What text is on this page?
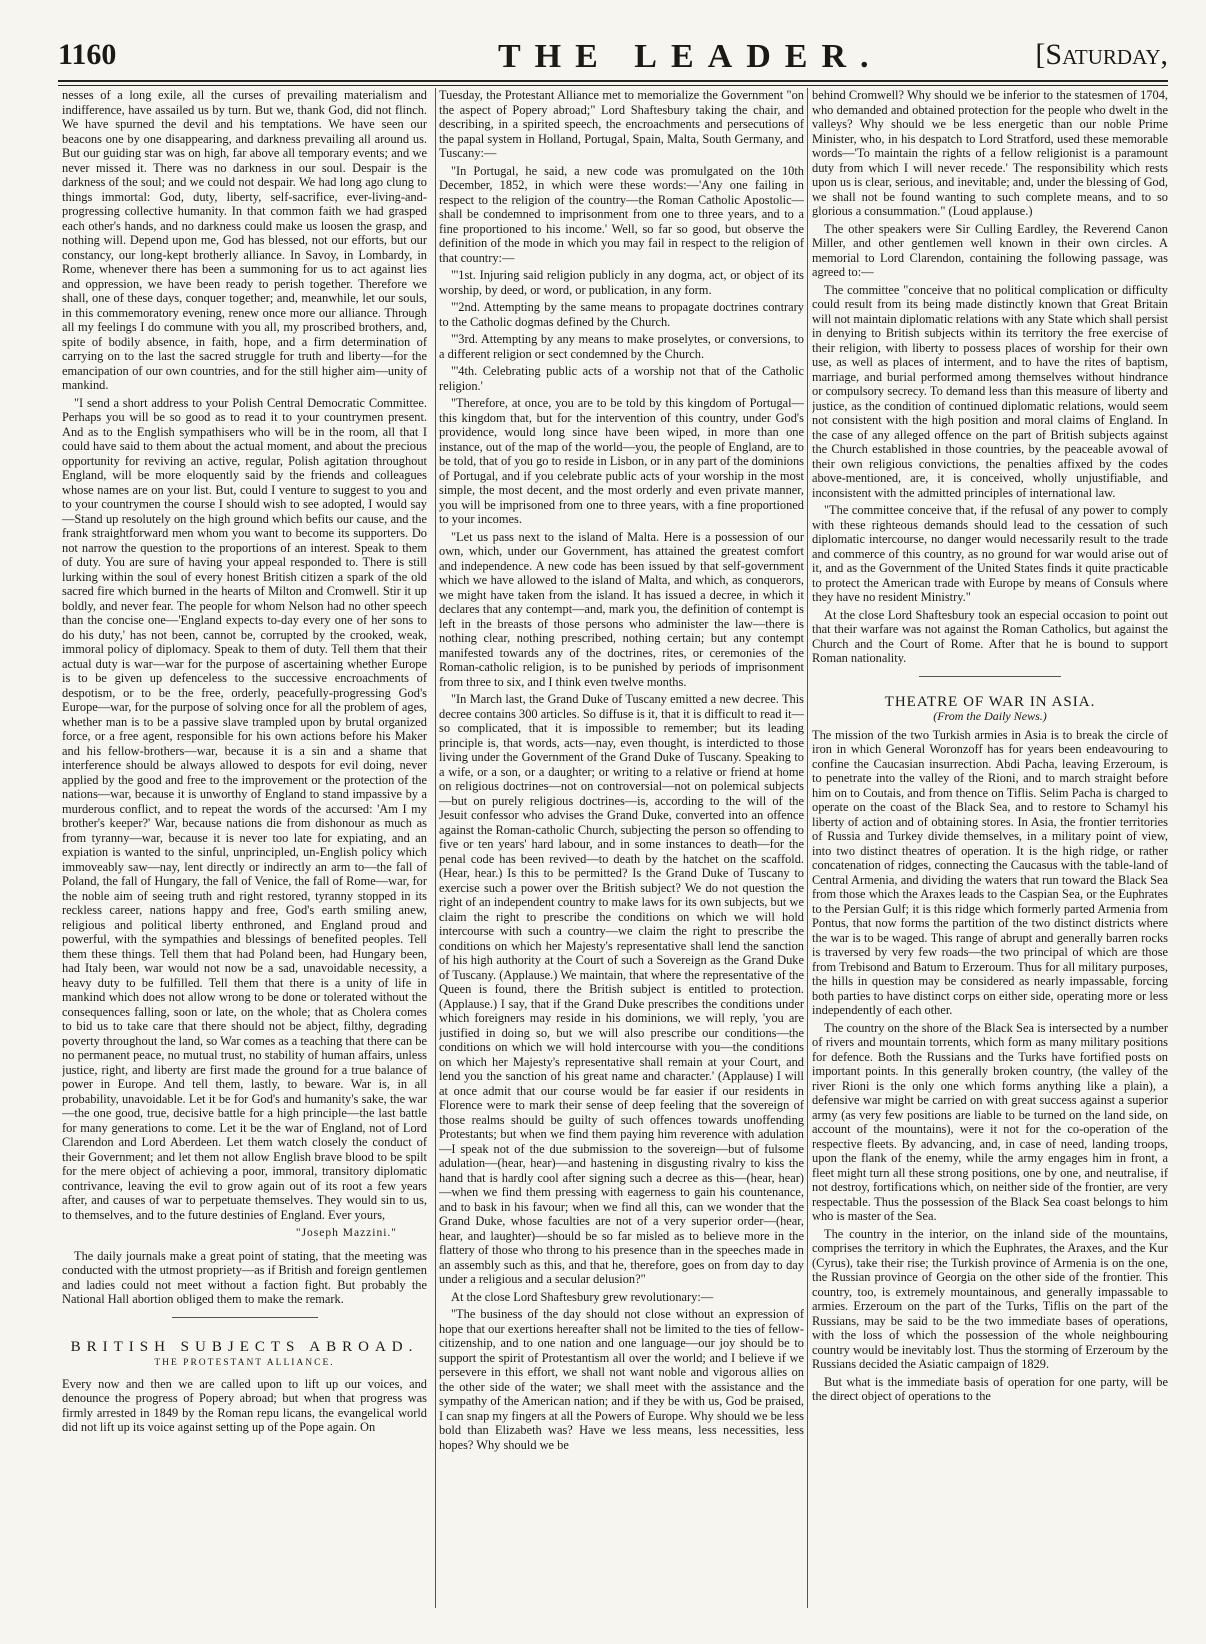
1160	THE LEADER.	[Saturday,

nesses of a long exile, all the curses of prevailing materialism and indifference, have assailed us by turn. But we, thank God, did not flinch. We have spurned the devil and his temptations. We have seen our beacons one by one disappearing, and darkness prevailing all around us. But our guiding star was on high, far above all temporary events; and we never missed it. There was no darkness in our soul. Despair is the darkness of the soul; and we could not despair. We had long ago clung to things immortal: God, duty, liberty, self-sacrifice, ever-living-and-progressing collective humanity. In that common faith we had grasped each other's hands, and no darkness could make us loosen the grasp, and nothing will. Depend upon me, God has blessed, not our efforts, but our constancy, our long-kept brotherly alliance. In Savoy, in Lombardy, in Rome, whenever there has been a summoning for us to act against lies and oppression, we have been ready to perish together. Therefore we shall, one of these days, conquer together; and, meanwhile, let our souls, in this commemoratory evening, renew once more our alliance. Through all my feelings I do commune with you all, my proscribed brothers, and, spite of bodily absence, in faith, hope, and a firm determination of carrying on to the last the sacred struggle for truth and liberty—for the emancipation of our own countries, and for the still higher aim—unity of mankind.

"I send a short address to your Polish Central Democratic Committee. Perhaps you will be so good as to read it to your countrymen present. And as to the English sympathisers who will be in the room, all that I could have said to them about the actual moment, and about the precious opportunity for reviving an active, regular, Polish agitation throughout England, will be more eloquently said by the friends and colleagues whose names are on your list. But, could I venture to suggest to you and to your countrymen the course I should wish to see adopted, I would say—Stand up resolutely on the high ground which befits our cause, and the frank straightforward men whom you want to become its supporters. Do not narrow the question to the proportions of an interest. Speak to them of duty. You are sure of having your appeal responded to. There is still lurking within the soul of every honest British citizen a spark of the old sacred fire which burned in the hearts of Milton and Cromwell. Stir it up boldly, and never fear. The people for whom Nelson had no other speech than the concise one—'England expects to-day every one of her sons to do his duty,' has not been, cannot be, corrupted by the crooked, weak, immoral policy of diplomacy. Speak to them of duty. Tell them that their actual duty is war—war for the purpose of ascertaining whether Europe is to be given up defenceless to the successive encroachments of despotism, or to be the free, orderly, peacefully-progressing God's Europe—war, for the purpose of solving once for all the problem of ages, whether man is to be a passive slave trampled upon by brutal organized force, or a free agent, responsible for his own actions before his Maker and his fellow-brothers—war, because it is a sin and a shame that interference should be always allowed to despots for evil doing, never applied by the good and free to the improvement or the protection of the nations—war, because it is unworthy of England to stand impassive by a murderous conflict, and to repeat the words of the accursed: 'Am I my brother's keeper?' War, because nations die from dishonour as much as from tyranny—war, because it is never too late for expiating, and an expiation is wanted to the sinful, unprincipled, un-English policy which immoveably saw—nay, lent directly or indirectly an arm to—the fall of Poland, the fall of Hungary, the fall of Venice, the fall of Rome—war, for the noble aim of seeing truth and right restored, tyranny stopped in its reckless career, nations happy and free, God's earth smiling anew, religious and political liberty enthroned, and England proud and powerful, with the sympathies and blessings of benefited peoples. Tell them these things. Tell them that had Poland been, had Hungary been, had Italy been, war would not now be a sad, unavoidable necessity, a heavy duty to be fulfilled. Tell them that there is a unity of life in mankind which does not allow wrong to be done or tolerated without the consequences falling, soon or late, on the whole; that as Cholera comes to bid us to take care that there should not be abject, filthy, degrading poverty throughout the land, so War comes as a teaching that there can be no permanent peace, no mutual trust, no stability of human affairs, unless justice, right, and liberty are first made the ground for a true balance of power in Europe. And tell them, lastly, to beware. War is, in all probability, unavoidable. Let it be for God's and humanity's sake, the war—the one good, true, decisive battle for a high principle—the last battle for many generations to come. Let it be the war of England, not of Lord Clarendon and Lord Aberdeen. Let them watch closely the conduct of their Government; and let them not allow English brave blood to be spilt for the mere object of achieving a poor, immoral, transitory diplomatic contrivance, leaving the evil to grow again out of its root a few years after, and causes of war to perpetuate themselves. They would sin to us, to themselves, and to the future destinies of England. Ever yours,

"Joseph Mazzini."

The daily journals make a great point of stating, that the meeting was conducted with the utmost propriety—as if British and foreign gentlemen and ladies could not meet without a faction fight. But probably the National Hall abortion obliged them to make the remark.

BRITISH SUBJECTS ABROAD.
THE PROTESTANT ALLIANCE.

Every now and then we are called upon to lift up our voices, and denounce the progress of Popery abroad; but when that progress was firmly arrested in 1849 by the Roman repu licans, the evangelical world did not lift up its voice against setting up of the Pope again. On

Tuesday, the Protestant Alliance met to memorialize the Government "on the aspect of Popery abroad;" Lord Shaftesbury taking the chair, and describing, in a spirited speech, the encroachments and persecutions of the papal system in Holland, Portugal, Spain, Malta, South Germany, and Tuscany:—

"In Portugal, he said, a new code was promulgated on the 10th December, 1852, in which were these words:—'Any one failing in respect to the religion of the country—the Roman Catholic Apostolic—shall be condemned to imprisonment from one to three years, and to a fine proportioned to his income.' Well, so far so good, but observe the definition of the mode in which you may fail in respect to the religion of that country:—

"'1st. Injuring said religion publicly in any dogma, act, or object of its worship, by deed, or word, or publication, in any form.

"'2nd. Attempting by the same means to propagate doctrines contrary to the Catholic dogmas defined by the Church.

"'3rd. Attempting by any means to make proselytes, or conversions, to a different religion or sect condemned by the Church.

"'4th. Celebrating public acts of a worship not that of the Catholic religion.'

"Therefore, at once, you are to be told by this kingdom of Portugal—this kingdom that, but for the intervention of this country, under God's providence, would long since have been wiped, in more than one instance, out of the map of the world—you, the people of England, are to be told, that of you go to reside in Lisbon, or in any part of the dominions of Portugal, and if you celebrate public acts of your worship in the most simple, the most decent, and the most orderly and even private manner, you will be imprisoned from one to three years, with a fine proportioned to your incomes.

"Let us pass next to the island of Malta. Here is a possession of our own, which, under our Government, has attained the greatest comfort and independence. A new code has been issued by that self-government which we have allowed to the island of Malta, and which, as conquerors, we might have taken from the island. It has issued a decree, in which it declares that any contempt—and, mark you, the definition of contempt is left in the breasts of those persons who administer the law—there is nothing clear, nothing prescribed, nothing certain; but any contempt manifested towards any of the doctrines, rites, or ceremonies of the Roman-catholic religion, is to be punished by periods of imprisonment from three to six, and I think even twelve months.

"In March last, the Grand Duke of Tuscany emitted a new decree. This decree contains 300 articles. So diffuse is it, that it is difficult to read it—so complicated, that it is impossible to remember; but its leading principle is, that words, acts—nay, even thought, is interdicted to those living under the Government of the Grand Duke of Tuscany. Speaking to a wife, or a son, or a daughter; or writing to a relative or friend at home on religious doctrines—not on controversial—not on polemical subjects—but on purely religious doctrines—is, according to the will of the Jesuit confessor who advises the Grand Duke, converted into an offence against the Roman-catholic Church, subjecting the person so offending to five or ten years' hard labour, and in some instances to death—for the penal code has been revived—to death by the hatchet on the scaffold. (Hear, hear.) Is this to be permitted? Is the Grand Duke of Tuscany to exercise such a power over the British subject? We do not question the right of an independent country to make laws for its own subjects, but we claim the right to prescribe the conditions on which we will hold intercourse with such a country—we claim the right to prescribe the conditions on which her Majesty's representative shall lend the sanction of his high authority at the Court of such a Sovereign as the Grand Duke of Tuscany. (Applause.) We maintain, that where the representative of the Queen is found, there the British subject is entitled to protection. (Applause.) I say, that if the Grand Duke prescribes the conditions under which foreigners may reside in his dominions, we will reply, 'you are justified in doing so, but we will also prescribe our conditions—the conditions on which we will hold intercourse with you—the conditions on which her Majesty's representative shall remain at your Court, and lend you the sanction of his great name and character.' (Applause) I will at once admit that our course would be far easier if our residents in Florence were to mark their sense of deep feeling that the sovereign of those realms should be guilty of such offences towards unoffending Protestants; but when we find them paying him reverence with adulation—I speak not of the due submission to the sovereign—but of fulsome adulation—(hear, hear)—and hastening in disgusting rivalry to kiss the hand that is hardly cool after signing such a decree as this—(hear, hear)—when we find them pressing with eagerness to gain his countenance, and to bask in his favour; when we find all this, can we wonder that the Grand Duke, whose faculties are not of a very superior order—(hear, hear, and laughter)—should be so far misled as to believe more in the flattery of those who throng to his presence than in the speeches made in an assembly such as this, and that he, therefore, goes on from day to day under a religious and a secular delusion?"

At the close Lord Shaftesbury grew revolutionary:—

"The business of the day should not close without an expression of hope that our exertions hereafter shall not be limited to the ties of fellow-citizenship, and to one nation and one language—our joy should be to support the spirit of Protestantism all over the world; and I believe if we persevere in this effort, we shall not want noble and vigorous allies on the other side of the water; we shall meet with the assistance and the sympathy of the American nation; and if they be with us, God be praised, I can snap my fingers at all the Powers of Europe. Why should we be less bold than Elizabeth was? Have we less means, less necessities, less hopes? Why should we be

behind Cromwell? Why should we be inferior to the statesmen of 1704, who demanded and obtained protection for the people who dwelt in the valleys? Why should we be less energetic than our noble Prime Minister, who, in his despatch to Lord Stratford, used these memorable words—'To maintain the rights of a fellow religionist is a paramount duty from which I will never recede.' The responsibility which rests upon us is clear, serious, and inevitable; and, under the blessing of God, we shall not be found wanting to such complete means, and to so glorious a consummation." (Loud applause.)

The other speakers were Sir Culling Eardley, the Reverend Canon Miller, and other gentlemen well known in their own circles. A memorial to Lord Clarendon, containing the following passage, was agreed to:—

The committee "conceive that no political complication or difficulty could result from its being made distinctly known that Great Britain will not maintain diplomatic relations with any State which shall persist in denying to British subjects within its territory the free exercise of their religion, with liberty to possess places of worship for their own use, as well as places of interment, and to have the rites of baptism, marriage, and burial performed among themselves without hindrance or compulsory secrecy. To demand less than this measure of liberty and justice, as the condition of continued diplomatic relations, would seem not consistent with the high position and moral claims of England. In the case of any alleged offence on the part of British subjects against the Church established in those countries, by the peaceable avowal of their own religious convictions, the penalties affixed by the codes above-mentioned, are, it is conceived, wholly unjustifiable, and inconsistent with the admitted principles of international law.

"The committee conceive that, if the refusal of any power to comply with these righteous demands should lead to the cessation of such diplomatic intercourse, no danger would necessarily result to the trade and commerce of this country, as no ground for war would arise out of it, and as the Government of the United States finds it quite practicable to protect the American trade with Europe by means of Consuls where they have no resident Ministry."

At the close Lord Shaftesbury took an especial occasion to point out that their warfare was not against the Roman Catholics, but against the Church and the Court of Rome. After that he is bound to support Roman nationality.

THEATRE OF WAR IN ASIA.
(From the Daily News.)

The mission of the two Turkish armies in Asia is to break the circle of iron in which General Woronzoff has for years been endeavouring to confine the Caucasian insurrection. Abdi Pacha, leaving Erzeroum, is to penetrate into the valley of the Rioni, and to march straight before him on to Coutais, and from thence on Tiflis. Selim Pacha is charged to operate on the coast of the Black Sea, and to restore to Schamyl his liberty of action and of obtaining stores. In Asia, the frontier territories of Russia and Turkey divide themselves, in a military point of view, into two distinct theatres of operation. It is the high ridge, or rather concatenation of ridges, connecting the Caucasus with the table-land of Central Armenia, and dividing the waters that run toward the Black Sea from those which the Araxes leads to the Caspian Sea, or the Euphrates to the Persian Gulf; it is this ridge which formerly parted Armenia from Pontus, that now forms the partition of the two distinct districts where the war is to be waged. This range of abrupt and generally barren rocks is traversed by very few roads—the two principal of which are those from Trebisond and Batum to Erzeroum. Thus for all military purposes, the hills in question may be considered as nearly impassable, forcing both parties to have distinct corps on either side, operating more or less independently of each other.

The country on the shore of the Black Sea is intersected by a number of rivers and mountain torrents, which form as many military positions for defence. Both the Russians and the Turks have fortified posts on important points. In this generally broken country, (the valley of the river Rioni is the only one which forms anything like a plain), a defensive war might be carried on with great success against a superior army (as very few positions are liable to be turned on the land side, on account of the mountains), were it not for the co-operation of the respective fleets. By advancing, and, in case of need, landing troops, upon the flank of the enemy, while the army engages him in front, a fleet might turn all these strong positions, one by one, and neutralise, if not destroy, fortifications which, on neither side of the frontier, are very respectable. Thus the possession of the Black Sea coast belongs to him who is master of the Sea.

The country in the interior, on the inland side of the mountains, comprises the territory in which the Euphrates, the Araxes, and the Kur (Cyrus), take their rise; the Turkish province of Armenia is on the one, the Russian province of Georgia on the other side of the frontier. This country, too, is extremely mountainous, and generally impassable to armies. Erzeroum on the part of the Turks, Tiflis on the part of the Russians, may be said to be the two immediate bases of operations, with the loss of which the possession of the whole neighbouring country would be inevitably lost. Thus the storming of Erzeroum by the Russians decided the Asiatic campaign of 1829.

But what is the immediate basis of operation for one party, will be the direct object of operations to the
